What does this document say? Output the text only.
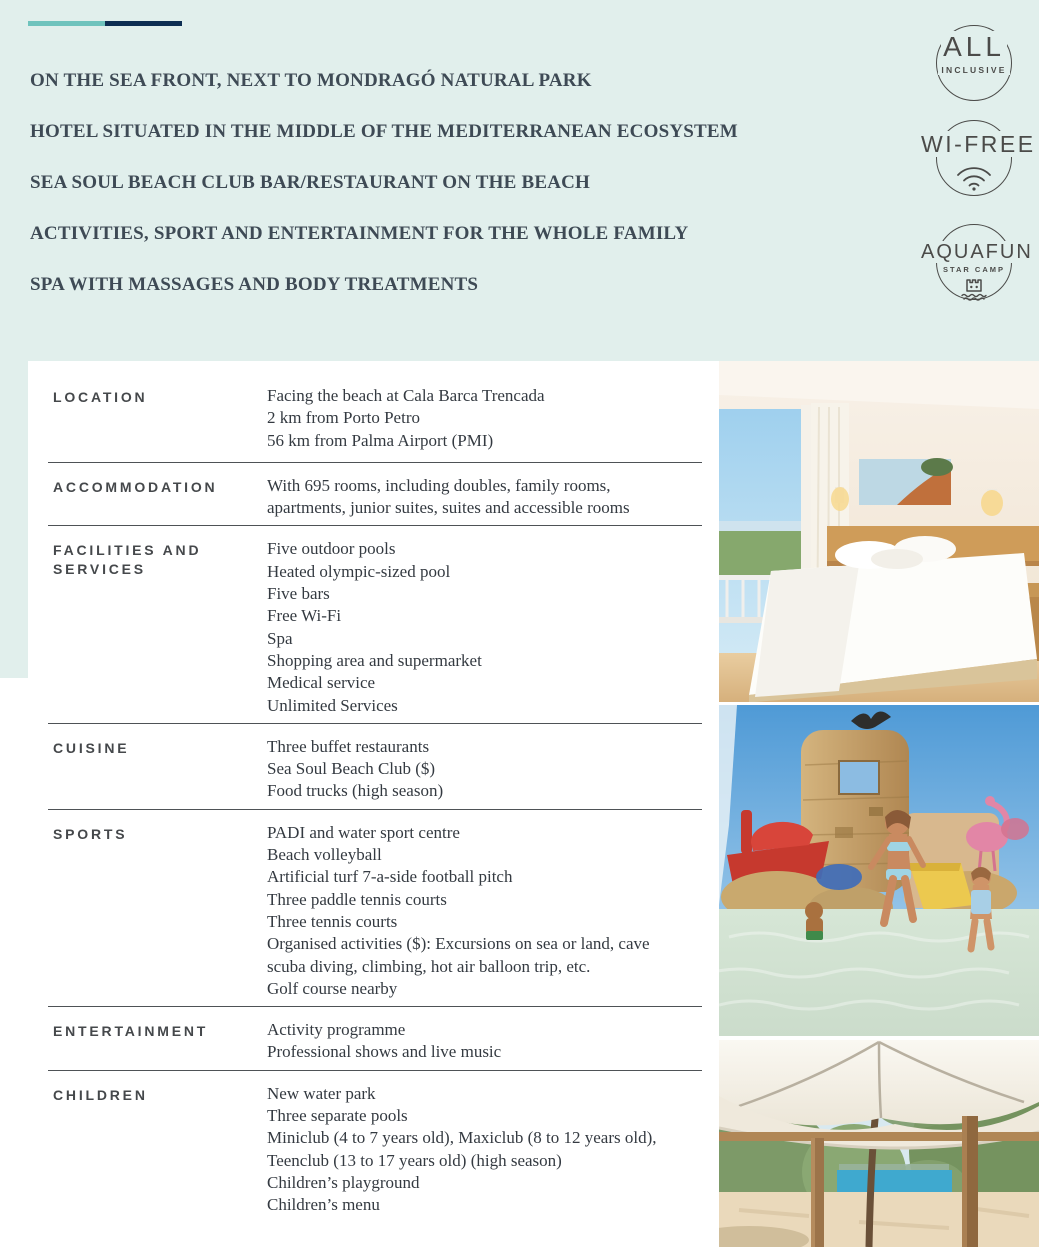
ON THE SEA FRONT, NEXT TO MONDRAGÓ NATURAL PARK
HOTEL SITUATED IN THE MIDDLE OF THE MEDITERRANEAN ECOSYSTEM
SEA SOUL BEACH CLUB BAR/RESTAURANT ON THE BEACH
ACTIVITIES, SPORT AND ENTERTAINMENT FOR THE WHOLE FAMILY
SPA WITH MASSAGES AND BODY TREATMENTS
ALL
INCLUSIVE
WI-FREE
AQUAFUN
STAR CAMP
LOCATION	Facing the beach at Cala Barca Trencada
2 km from Porto Petro
56 km from Palma Airport (PMI)
ACCOMMODATION	With 695 rooms, including doubles, family rooms, apartments, junior suites, suites and accessible rooms
FACILITIES AND SERVICES
Five outdoor pools
Heated olympic-sized pool
Five bars
Free Wi-Fi
Spa
Shopping area and supermarket
Medical service
Unlimited Services
CUISINE	Three buffet restaurants
Sea Soul Beach Club ($)
Food trucks (high season)
SPORTS	PADI and water sport centre
Beach volleyball
Artificial turf 7-a-side football pitch
Three paddle tennis courts
Three tennis courts
Organised activities ($): Excursions on sea or land, cave scuba diving, climbing, hot air balloon trip, etc.
Golf course nearby
ENTERTAINMENT	Activity programme
Professional shows and live music
CHILDREN	New water park
Three separate pools
Miniclub (4 to 7 years old), Maxiclub (8 to 12 years old), Teenclub (13 to 17 years old) (high season)
Children’s playground
Children’s menu
